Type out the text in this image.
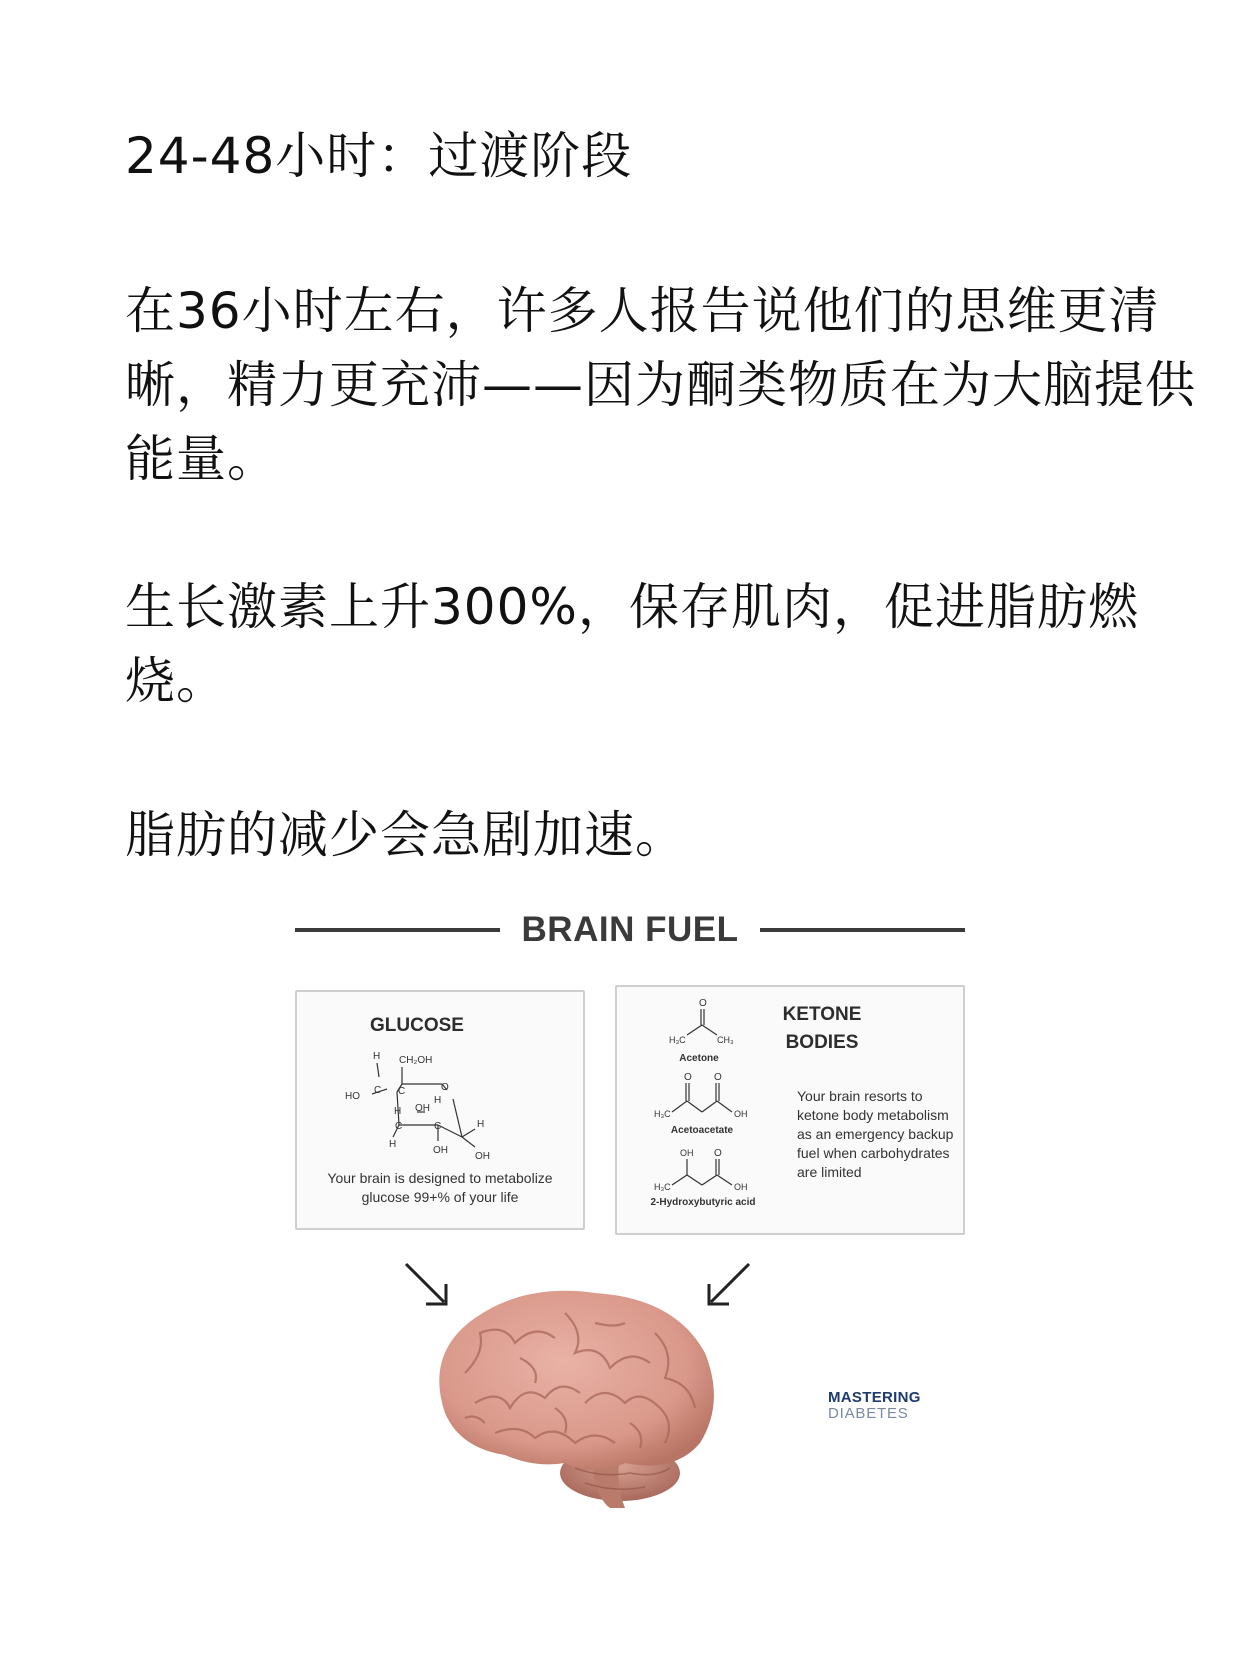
24-48小时：过渡阶段

在36小时左右，许多人报告说他们的思维更清晰，精力更充沛——因为酮类物质在为大脑提供能量。

生长激素上升300%，保存肌肉，促进脂肪燃烧。

脂肪的减少会急剧加速。

BRAIN FUEL
GLUCOSE
H CH₂OH
HO
C C	O
H OH
H
C	C	H
H
OH
OH
Your brain is designed to metabolize glucose 99+% of your life
KETONE BODIES
O
H₃C	CH₃
Acetone
O O
H₃C	OH
Acetoacetate
OH O
H₃C	OH
2-Hydroxybutyric acid
Your brain resorts to ketone body metabolism as an emergency backup fuel when carbohydrates are limited
MASTERING
DIABETES
